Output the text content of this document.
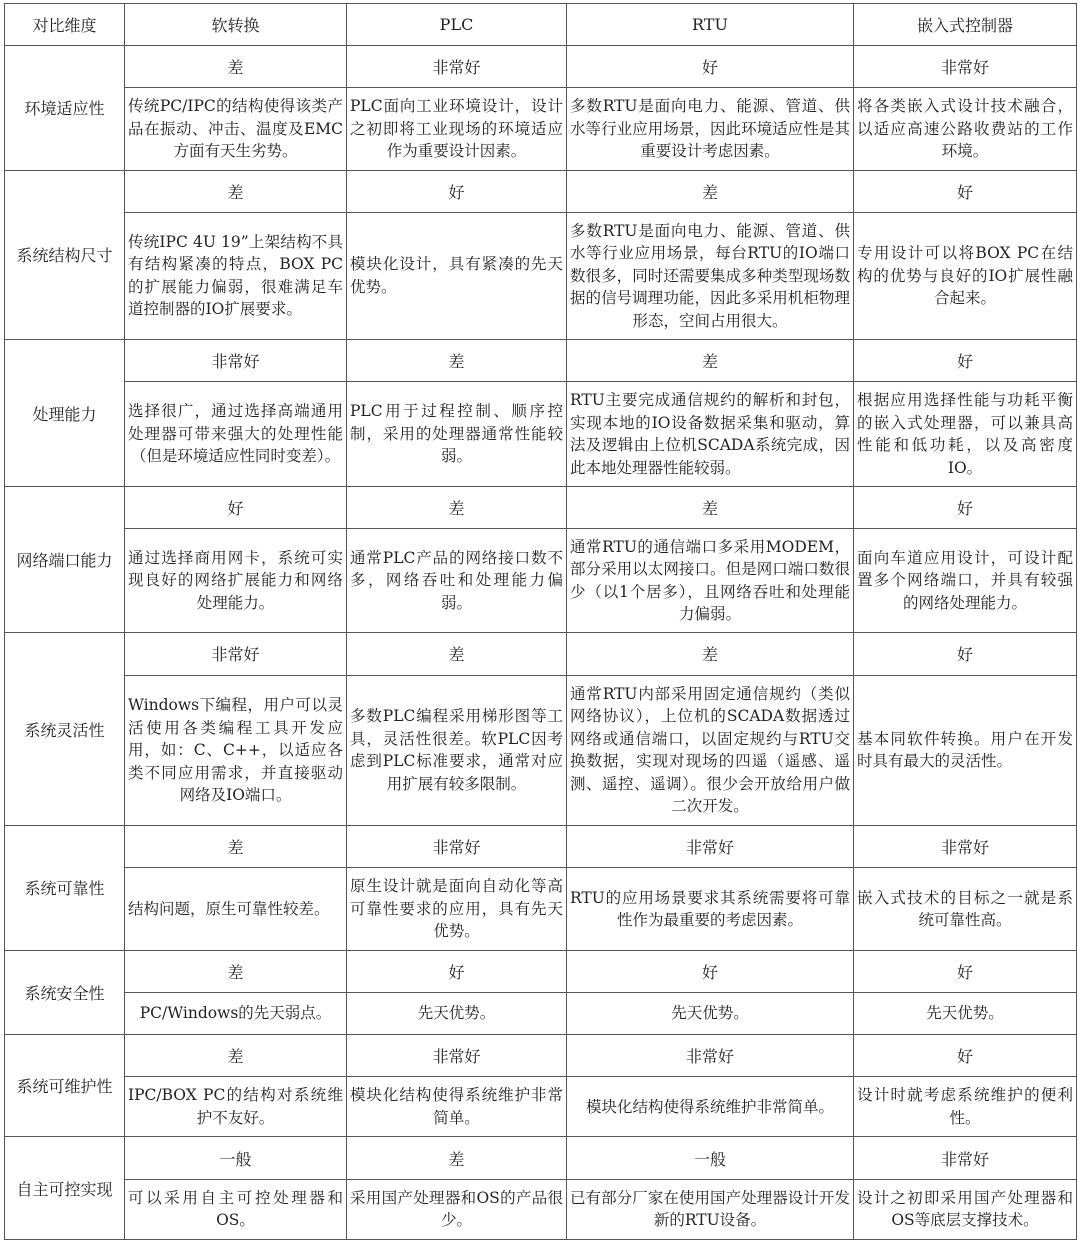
对比维度	软转换	PLC	RTU	嵌入式控制器
环境适应性	差	非常好	好	非常好
	传统PC/IPC的结构使得该类产品在振动、冲击、温度及EMC方面有天生劣势。	PLC面向工业环境设计，设计之初即将工业现场的环境适应作为重要设计因素。	多数RTU是面向电力、能源、管道、供水等行业应用场景，因此环境适应性是其重要设计考虑因素。	将各类嵌入式设计技术融合，以适应高速公路收费站的工作环境。
系统结构尺寸	差	好	差	好
	传统IPC 4U 19”上架结构不具有结构紧凑的特点，BOX PC的扩展能力偏弱，很难满足车道控制器的IO扩展要求。	模块化设计，具有紧凑的先天优势。	多数RTU是面向电力、能源、管道、供水等行业应用场景，每台RTU的IO端口数很多，同时还需要集成多种类型现场数据的信号调理功能，因此多采用机柜物理形态，空间占用很大。	专用设计可以将BOX PC在结构的优势与良好的IO扩展性融合起来。
处理能力	非常好	差	差	好
	选择很广，通过选择高端通用处理器可带来强大的处理性能（但是环境适应性同时变差）。	PLC用于过程控制、顺序控制，采用的处理器通常性能较弱。	RTU主要完成通信规约的解析和封包，实现本地的IO设备数据采集和驱动，算法及逻辑由上位机SCADA系统完成，因此本地处理器性能较弱。	根据应用选择性能与功耗平衡的嵌入式处理器，可以兼具高性能和低功耗，以及高密度IO。
网络端口能力	好	差	差	好
	通过选择商用网卡，系统可实现良好的网络扩展能力和网络处理能力。	通常PLC产品的网络接口数不多，网络吞吐和处理能力偏弱。	通常RTU的通信端口多采用MODEM，部分采用以太网接口。但是网口端口数很少（以1个居多），且网络吞吐和处理能力偏弱。	面向车道应用设计，可设计配置多个网络端口，并具有较强的网络处理能力。
系统灵活性	非常好	差	差	好
	Windows下编程，用户可以灵活使用各类编程工具开发应用，如：C、C++，以适应各类不同应用需求，并直接驱动网络及IO端口。	多数PLC编程采用梯形图等工具，灵活性很差。软PLC因考虑到PLC标准要求，通常对应用扩展有较多限制。	通常RTU内部采用固定通信规约（类似网络协议），上位机的SCADA数据透过网络或通信端口，以固定规约与RTU交换数据，实现对现场的四遥（遥感、遥测、遥控、遥调）。很少会开放给用户做二次开发。	基本同软件转换。用户在开发时具有最大的灵活性。
系统可靠性	差	非常好	非常好	非常好
	结构问题，原生可靠性较差。	原生设计就是面向自动化等高可靠性要求的应用，具有先天优势。	RTU的应用场景要求其系统需要将可靠性作为最重要的考虑因素。	嵌入式技术的目标之一就是系统可靠性高。
系统安全性	差	好	好	好
	PC/Windows的先天弱点。	先天优势。	先天优势。	先天优势。
系统可维护性	差	非常好	非常好	好
	IPC/BOX PC的结构对系统维护不友好。	模块化结构使得系统维护非常简单。	模块化结构使得系统维护非常简单。	设计时就考虑系统维护的便利性。
自主可控实现	一般	差	一般	非常好
	可以采用自主可控处理器和OS。	采用国产处理器和OS的产品很少。	已有部分厂家在使用国产处理器设计开发新的RTU设备。	设计之初即采用国产处理器和OS等底层支撑技术。
